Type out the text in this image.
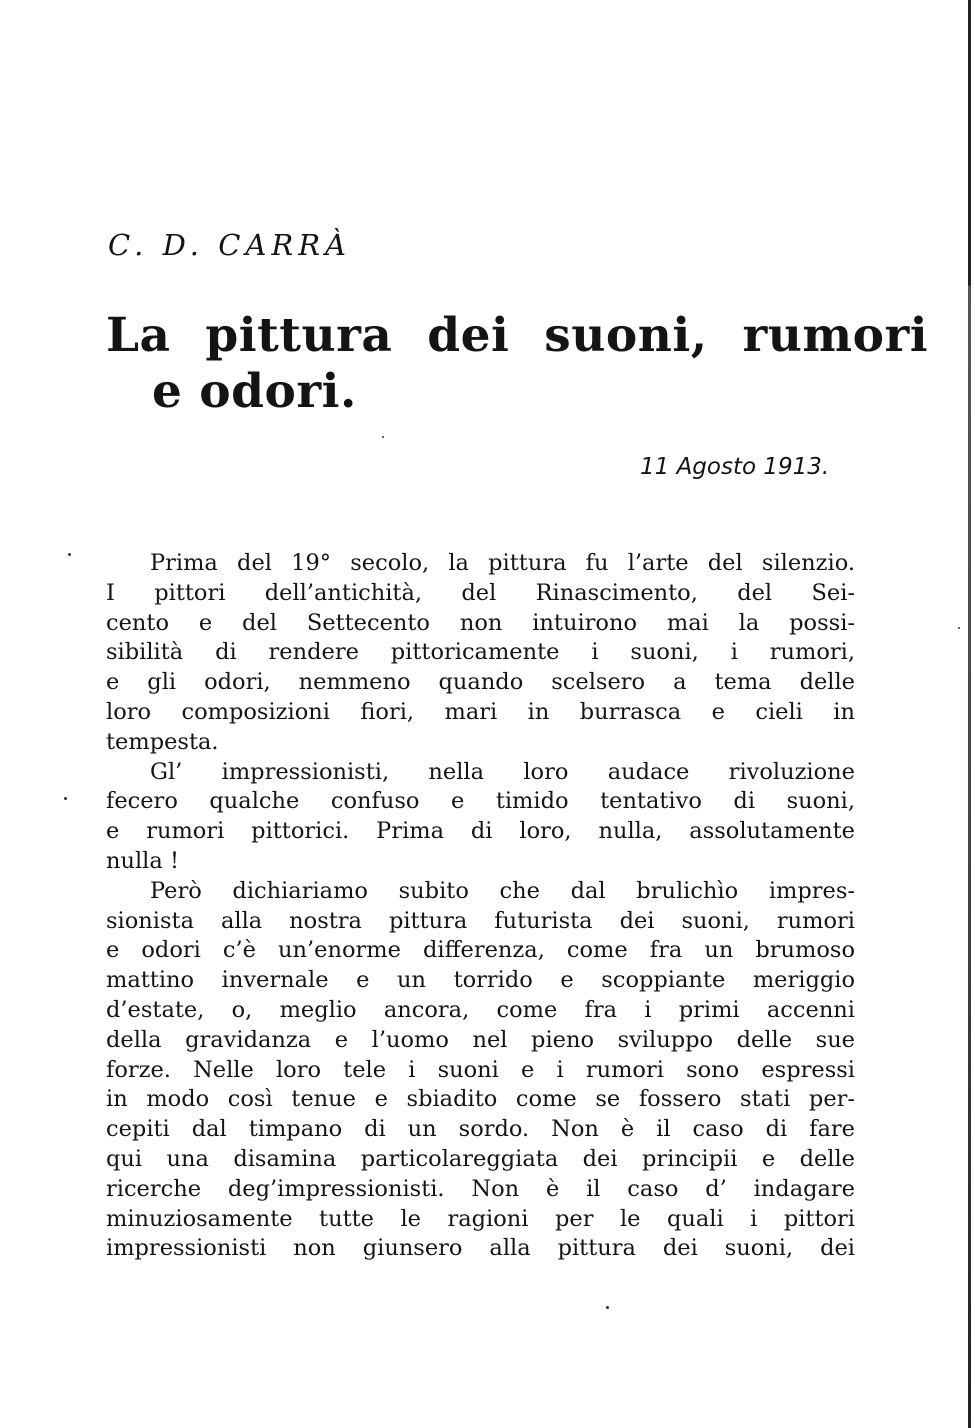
C. D. CARRÀ
La pittura dei suoni, rumori
e odori.
11 Agosto 1913.
Prima del 19° secolo, la pittura fu l’arte del silenzio.
I pittori dell’antichità, del Rinascimento, del Sei-
cento e del Settecento non intuirono mai la possi-
sibilità di rendere pittoricamente i suoni, i rumori,
e gli odori, nemmeno quando scelsero a tema delle
loro composizioni fiori, mari in burrasca e cieli in
tempesta.
Gl’ impressionisti, nella loro audace rivoluzione
fecero qualche confuso e timido tentativo di suoni,
e rumori pittorici. Prima di loro, nulla, assolutamente
nulla !
Però dichiariamo subito che dal brulichìo impres-
sionista alla nostra pittura futurista dei suoni, rumori
e odori c’è un’enorme differenza, come fra un brumoso
mattino invernale e un torrido e scoppiante meriggio
d’estate, o, meglio ancora, come fra i primi accenni
della gravidanza e l’uomo nel pieno sviluppo delle sue
forze. Nelle loro tele i suoni e i rumori sono espressi
in modo così tenue e sbiadito come se fossero stati per-
cepiti dal timpano di un sordo. Non è il caso di fare
qui una disamina particolareggiata dei principii e delle
ricerche deg’impressionisti. Non è il caso d’ indagare
minuziosamente tutte le ragioni per le quali i pittori
impressionisti non giunsero alla pittura dei suoni, dei
